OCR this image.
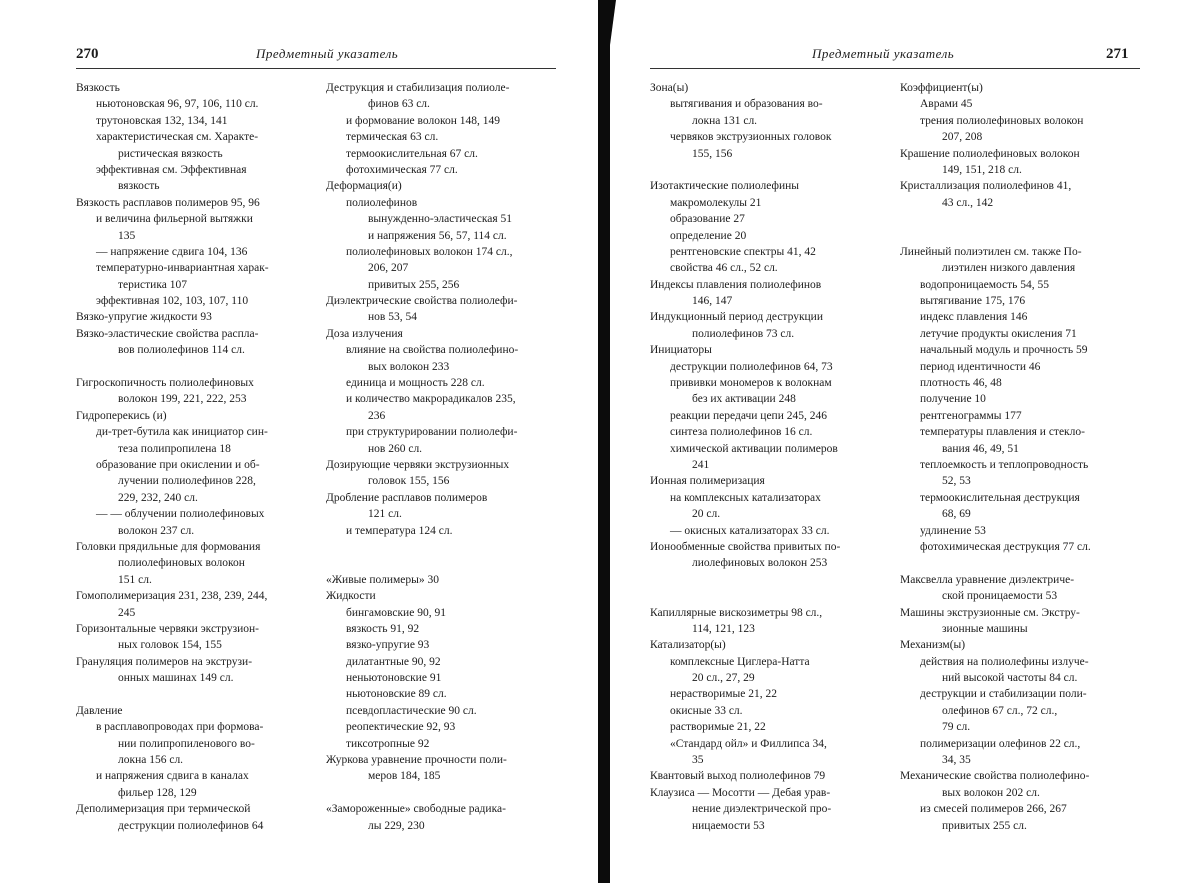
270	Предметный указатель
Вязкость
ньютоновская 96, 97, 106, 110 сл.
трутоновская 132, 134, 141
характеристическая см. Характе-
ристическая вязкость
эффективная см. Эффективная
вязкость
Вязкость расплавов полимеров 95, 96
и величина фильерной вытяжки
135
— напряжение сдвига 104, 136
температурно-инвариантная харак-
теристика 107
эффективная 102, 103, 107, 110
Вязко-упругие жидкости 93
Вязко-эластические свойства распла-
вов полиолефинов 114 сл.
Гигроскопичность полиолефиновых
волокон 199, 221, 222, 253
Гидроперекись (и)
ди-трет-бутила как инициатор син-
теза полипропилена 18
образование при окислении и об-
лучении полиолефинов 228,
229, 232, 240 сл.
— — облучении полиолефиновых
волокон 237 сл.
Головки прядильные для формования
полиолефиновых волокон
151 сл.
Гомополимеризация 231, 238, 239, 244,
245
Горизонтальные червяки экструзион-
ных головок 154, 155
Грануляция полимеров на экструзи-
онных машинах 149 сл.
Давление
в расплавопроводах при формова-
нии полипропиленового во-
локна 156 сл.
и напряжения сдвига в каналах
фильер 128, 129
Деполимеризация при термической
деструкции полиолефинов 64
Деструкция и стабилизация полиоле-
финов 63 сл.
и формование волокон 148, 149
термическая 63 сл.
термоокислительная 67 сл.
фотохимическая 77 сл.
Деформация(и)
полиолефинов
вынужденно-эластическая 51
и напряжения 56, 57, 114 сл.
полиолефиновых волокон 174 сл.,
206, 207
привитых 255, 256
Диэлектрические свойства полиолефи-
нов 53, 54
Доза излучения
влияние на свойства полиолефино-
вых волокон 233
единица и мощность 228 сл.
и количество макрорадикалов 235,
236
при структурировании полиолефи-
нов 260 сл.
Дозирующие червяки экструзионных
головок 155, 156
Дробление расплавов полимеров
121 сл.
и температура 124 сл.
«Живые полимеры» 30
Жидкости
бингамовские 90, 91
вязкость 91, 92
вязко-упругие 93
дилатантные 90, 92
неньютоновские 91
ньютоновские 89 сл.
псевдопластические 90 сл.
реопектические 92, 93
тиксотропные 92
Журкова уравнение прочности поли-
меров 184, 185
«Замороженные» свободные радика-
лы 229, 230
Предметный указатель	271
Зона(ы)
вытягивания и образования во-
локна 131 сл.
червяков экструзионных головок
155, 156
Изотактические полиолефины
макромолекулы 21
образование 27
определение 20
рентгеновские спектры 41, 42
свойства 46 сл., 52 сл.
Индексы плавления полиолефинов
146, 147
Индукционный период деструкции
полиолефинов 73 сл.
Инициаторы
деструкции полиолефинов 64, 73
прививки мономеров к волокнам
без их активации 248
реакции передачи цепи 245, 246
синтеза полиолефинов 16 сл.
химической активации полимеров
241
Ионная полимеризация
на комплексных катализаторах
20 сл.
— окисных катализаторах 33 сл.
Ионообменные свойства привитых по-
лиолефиновых волокон 253
Капиллярные вискозиметры 98 сл.,
114, 121, 123
Катализатор(ы)
комплексные Циглера-Натта
20 сл., 27, 29
нерастворимые 21, 22
окисные 33 сл.
растворимые 21, 22
«Стандард ойл» и Филлипса 34,
35
Квантовый выход полиолефинов 79
Клаузиса — Мосотти — Дебая урав-
нение диэлектрической про-
ницаемости 53
Коэффициент(ы)
Аврами 45
трения полиолефиновых волокон
207, 208
Крашение полиолефиновых волокон
149, 151, 218 сл.
Кристаллизация полиолефинов 41,
43 сл., 142
Линейный полиэтилен см. также По-
лиэтилен низкого давления
водопроницаемость 54, 55
вытягивание 175, 176
индекс плавления 146
летучие продукты окисления 71
начальный модуль и прочность 59
период идентичности 46
плотность 46, 48
получение 10
рентгенограммы 177
температуры плавления и стекло-
вания 46, 49, 51
теплоемкость и теплопроводность
52, 53
термоокислительная деструкция
68, 69
удлинение 53
фотохимическая деструкция 77 сл.
Максвелла уравнение диэлектриче-
ской проницаемости 53
Машины экструзионные см. Экстру-
зионные машины
Механизм(ы)
действия на полиолефины излуче-
ний высокой частоты 84 сл.
деструкции и стабилизации поли-
олефинов 67 сл., 72 сл.,
79 сл.
полимеризации олефинов 22 сл.,
34, 35
Механические свойства полиолефино-
вых волокон 202 сл.
из смесей полимеров 266, 267
привитых 255 сл.
